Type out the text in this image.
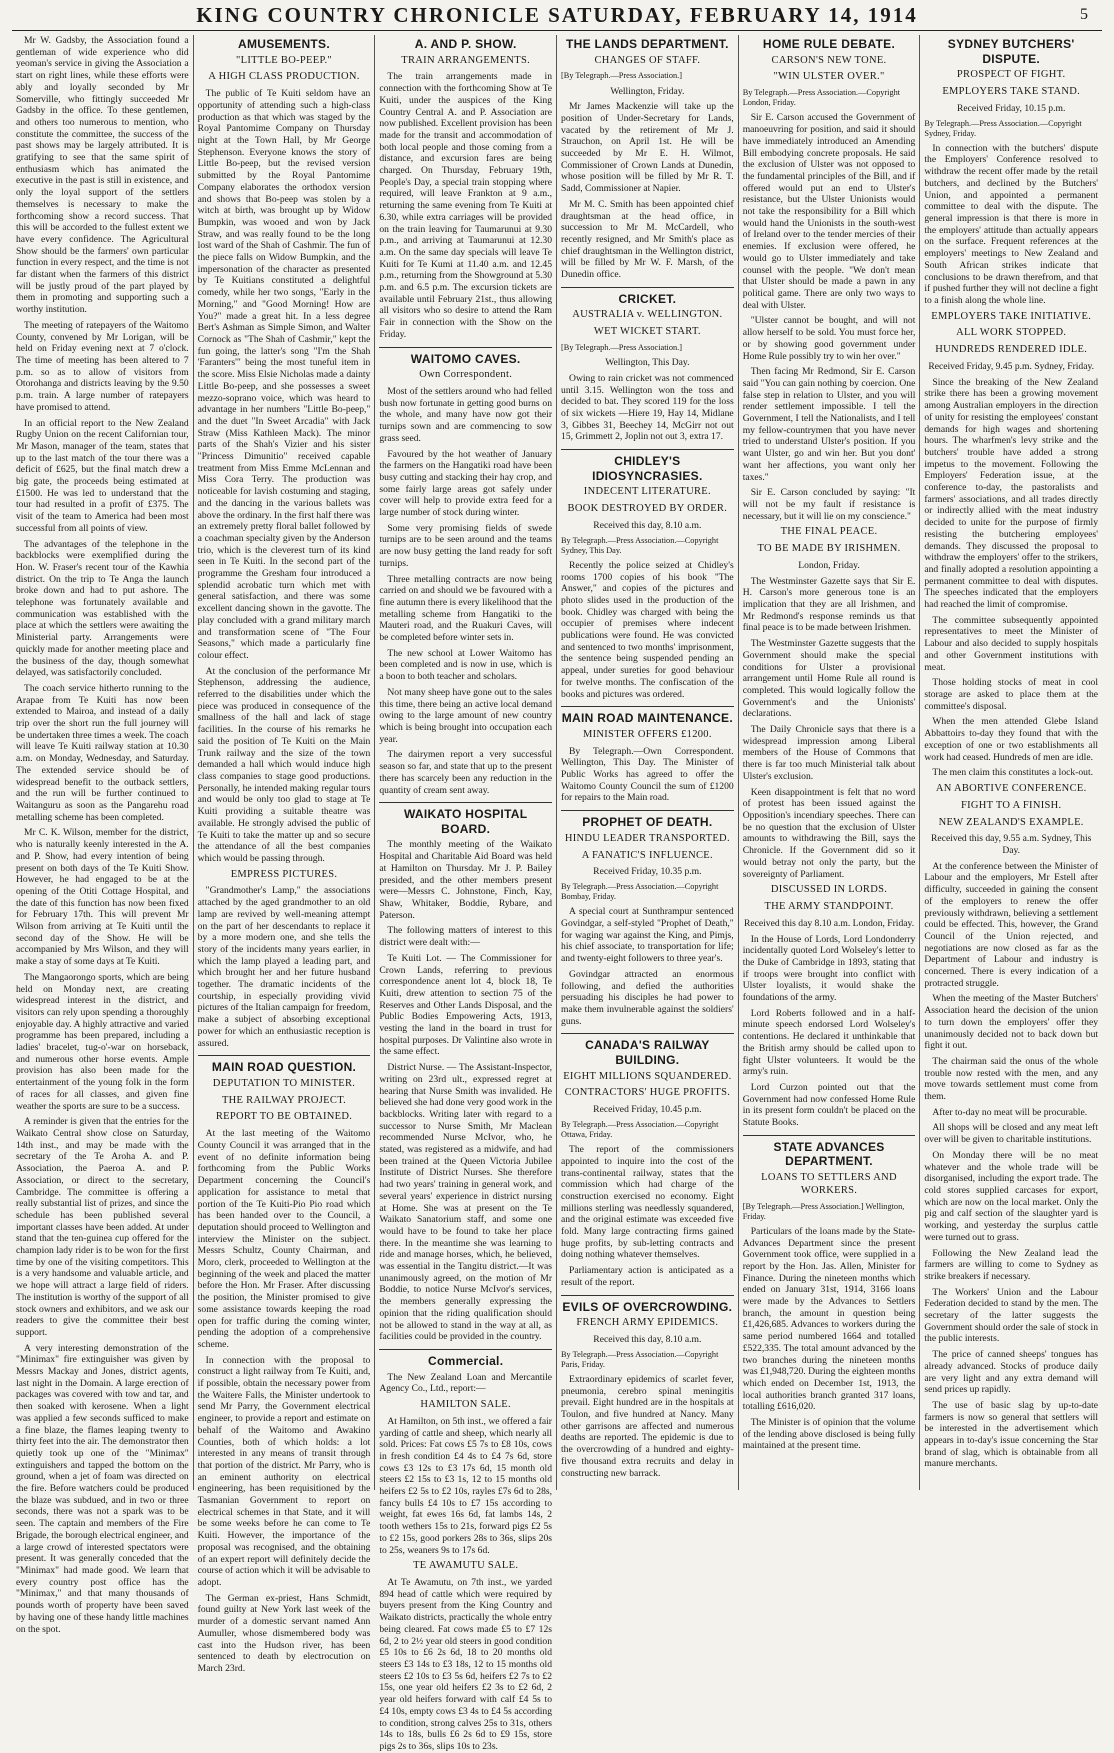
KING COUNTRY CHRONICLE SATURDAY, FEBRUARY 14, 1914	5

Mr W. Gadsby, the Association found a gentleman of wide experience who did yeoman's service in giving the Association a start on right lines, while these efforts were ably and loyally seconded by Mr Somerville, who fittingly succeeded Mr Gadsby in the office. To these gentlemen, and others too numerous to mention, who constitute the committee, the success of the past shows may be largely attributed. It is gratifying to see that the same spirit of enthusiasm which has animated the executive in the past is still in existence, and only the loyal support of the settlers themselves is necessary to make the forthcoming show a record success. That this will be accorded to the fullest extent we have every confidence. The Agricultural Show should be the farmers' own particular function in every respect, and the time is not far distant when the farmers of this district will be justly proud of the part played by them in promoting and supporting such a worthy institution.

The meeting of ratepayers of the Waitomo County, convened by Mr Lorigan, will be held on Friday evening next at 7 o'clock. The time of meeting has been altered to 7 p.m. so as to allow of visitors from Otorohanga and districts leaving by the 9.50 p.m. train. A large number of ratepayers have promised to attend.

In an official report to the New Zealand Rugby Union on the recent Californian tour, Mr Mason, manager of the team, states that up to the last match of the tour there was a deficit of £625, but the final match drew a big gate, the proceeds being estimated at £1500. He was led to understand that the tour had resulted in a profit of £375. The visit of the team to America had been most successful from all points of view.

The advantages of the telephone in the backblocks were exemplified during the Hon. W. Fraser's recent tour of the Kawhia district. On the trip to Te Anga the launch broke down and had to put ashore. The telephone was fortunately available and communication was established with the place at which the settlers were awaiting the Ministerial party. Arrangements were quickly made for another meeting place and the business of the day, though somewhat delayed, was satisfactorily concluded.

The coach service hitherto running to the Arapae from Te Kuiti has now been extended to Mairoa, and instead of a daily trip over the short run the full journey will be undertaken three times a week. The coach will leave Te Kuiti railway station at 10.30 a.m. on Monday, Wednesday, and Saturday. The extended service should be of widespread benefit to the outback settlers, and the run will be further continued to Waitanguru as soon as the Pangarehu road metalling scheme has been completed.

Mr C. K. Wilson, member for the district, who is naturally keenly interested in the A. and P. Show, had every intention of being present on both days of the Te Kuiti Show. However, he had engaged to be at the opening of the Otiti Cottage Hospital, and the date of this function has now been fixed for February 17th. This will prevent Mr Wilson from arriving at Te Kuiti until the second day of the Show. He will be accompanied by Mrs Wilson, and they will make a stay of some days at Te Kuiti.

The Mangaorongo sports, which are being held on Monday next, are creating widespread interest in the district, and visitors can rely upon spending a thoroughly enjoyable day. A highly attractive and varied programme has been prepared, including a ladies' bracelet, tug-o'-war on horseback, and numerous other horse events. Ample provision has also been made for the entertainment of the young folk in the form of races for all classes, and given fine weather the sports are sure to be a success.

A reminder is given that the entries for the Waikato Central show close on Saturday, 14th inst., and may be made with the secretary of the Te Aroha A. and P. Association, the Paeroa A. and P. Association, or direct to the secretary, Cambridge. The committee is offering a really substantial list of prizes, and since the schedule has been published several important classes have been added. At under stand that the ten-guinea cup offered for the champion lady rider is to be won for the first time by one of the visiting competitors. This is a very handsome and valuable article, and we hope will attract a large field of riders. The institution is worthy of the support of all stock owners and exhibitors, and we ask our readers to give the committee their best support.

A very interesting demonstration of the "Minimax" fire extinguisher was given by Messrs Mackay and Jones, district agents, last night in the Domain. A large erection of packages was covered with tow and tar, and then soaked with kerosene. When a light was applied a few seconds sufficed to make a fine blaze, the flames leaping twenty to thirty feet into the air. The demonstrator then quietly took up one of the "Minimax" extinguishers and tapped the bottom on the ground, when a jet of foam was directed on the fire. Before watchers could be produced the blaze was subdued, and in two or three seconds, there was not a spark was to be seen. The captain and members of the Fire Brigade, the borough electrical engineer, and a large crowd of interested spectators were present. It was generally conceded that the "Minimax" had made good. We learn that every country post office has the "Minimax," and that many thousands of pounds worth of property have been saved by having one of these handy little machines on the spot.

AMUSEMENTS.
"LITTLE BO-PEEP."
A HIGH CLASS PRODUCTION.

The public of Te Kuiti seldom have an opportunity of attending such a high-class production as that which was staged by the Royal Pantomime Company on Thursday night at the Town Hall, by Mr George Stephenson. Everyone knows the story of Little Bo-peep, but the revised version submitted by the Royal Pantomime Company elaborates the orthodox version and shows that Bo-peep was stolen by a witch at birth, was brought up by Widow Bumpkin, was wooed and won by Jack Straw, and was really found to be the long lost ward of the Shah of Cashmir. The fun of the piece falls on Widow Bumpkin, and the impersonation of the character as presented by Te Kuitians constituted a delightful comedy, while her two songs, "Early in the Morning," and "Good Morning! How are You?" made a great hit. In a less degree Bert's Ashman as Simple Simon, and Walter Cornock as "The Shah of Cashmir," kept the fun going, the latter's song "I'm the Shah 'Faranters'" being the most tuneful item in the score. Miss Elsie Nicholas made a dainty Little Bo-peep, and she possesses a sweet mezzo-soprano voice, which was heard to advantage in her numbers "Little Bo-peep," and the duet "In Sweet Arcadia" with Jack Straw (Miss Kathleen Mack). The minor parts of the Shah's Vizier and his sister "Princess Dimunitio" received capable treatment from Miss Emme McLennan and Miss Cora Terry. The production was noticeable for lavish costuming and staging, and the dancing in the various ballets was above the ordinary. In the first half there was an extremely pretty floral ballet followed by a coachman specialty given by the Anderson trio, which is the cleverest turn of its kind seen in Te Kuiti. In the second part of the programme the Gresham four introduced a splendid acrobatic turn which met with general satisfaction, and there was some excellent dancing shown in the gavotte. The play concluded with a grand military march and transformation scene of "The Four Seasons," which made a particularly fine colour effect.

At the conclusion of the performance Mr Stephenson, addressing the audience, referred to the disabilities under which the piece was produced in consequence of the smallness of the hall and lack of stage facilities. In the course of his remarks he said the position of Te Kuiti on the Main Trunk railway and the size of the town demanded a hall which would induce high class companies to stage good productions. Personally, he intended making regular tours and would be only too glad to stage at Te Kuiti providing a suitable theatre was available. He strongly advised the public of Te Kuiti to take the matter up and so secure the attendance of all the best companies which would be passing through.

EMPRESS PICTURES.

"Grandmother's Lamp," the associations attached by the aged grandmother to an old lamp are revived by well-meaning attempt on the part of her descendants to replace it by a more modern one, and she tells the story of the incidents many years earlier, in which the lamp played a leading part, and which brought her and her future husband together. The dramatic incidents of the courtship, in especially providing vivid pictures of the Italian campaign for freedom, make a subject of absorbing exceptional power for which an enthusiastic reception is assured.

MAIN ROAD QUESTION.
DEPUTATION TO MINISTER.
THE RAILWAY PROJECT.
REPORT TO BE OBTAINED.

At the last meeting of the Waitomo County Council it was arranged that in the event of no definite information being forthcoming from the Public Works Department concerning the Council's application for assistance to metal that portion of the Te Kuiti-Pio Pio road which has been handed over to the Council, a deputation should proceed to Wellington and interview the Minister on the subject. Messrs Schultz, County Chairman, and Moro, clerk, proceeded to Wellington at the beginning of the week and placed the matter before the Hon. Mr Fraser. After discussing the position, the Minister promised to give some assistance towards keeping the road open for traffic during the coming winter, pending the adoption of a comprehensive scheme.

In connection with the proposal to construct a light railway from Te Kuiti, and, if possible, obtain the necessary power from the Waitere Falls, the Minister undertook to send Mr Parry, the Government electrical engineer, to provide a report and estimate on behalf of the Waitomo and Awakino Counties, both of which holds: a lot interested in any means of transit through that portion of the district. Mr Parry, who is an eminent authority on electrical engineering, has been requisitioned by the Tasmanian Government to report on electrical schemes in that State, and it will be some weeks before he can come to Te Kuiti. However, the importance of the proposal was recognised, and the obtaining of an expert report will definitely decide the course of action which it will be advisable to adopt.

The German ex-priest, Hans Schmidt, found guilty at New York last week of the murder of a domestic servant named Ann Aumuller, whose dismembered body was cast into the Hudson river, has been sentenced to death by electrocution on March 23rd.

A. AND P. SHOW.
TRAIN ARRANGEMENTS.

The train arrangements made in connection with the forthcoming Show at Te Kuiti, under the auspices of the King Country Central A. and P. Association are now published. Excellent provision has been made for the transit and accommodation of both local people and those coming from a distance, and excursion fares are being charged. On Thursday, February 19th, People's Day, a special train stopping where required, will leave Frankton at 9 a.m., returning the same evening from Te Kuiti at 6.30, while extra carriages will be provided on the train leaving for Taumarunui at 9.30 p.m., and arriving at Taumarunui at 12.30 a.m. On the same day specials will leave Te Kuiti for Te Kumi at 11.40 a.m. and 12.45 p.m., returning from the Showground at 5.30 p.m. and 6.5 p.m. The excursion tickets are available until February 21st., thus allowing all visitors who so desire to attend the Ram Fair in connection with the Show on the Friday.

WAITOMO CAVES.
Own Correspondent.

Most of the settlers around who had felled bush now fortunate in getting good burns on the whole, and many have now got their turnips sown and are commencing to sow grass seed.

Favoured by the hot weather of January the farmers on the Hangatiki road have been busy cutting and stacking their hay crop, and some fairly large areas got safely under cover will help to provide extra feed for a large number of stock during winter.

Some very promising fields of swede turnips are to be seen around and the teams are now busy getting the land ready for soft turnips.

Three metalling contracts are now being carried on and should we be favoured with a fine autumn there is every likelihood that the metalling scheme from Hangatiki to the Mauteri road, and the Ruakuri Caves, will be completed before winter sets in.

The new school at Lower Waitomo has been completed and is now in use, which is a boon to both teacher and scholars.

Not many sheep have gone out to the sales this time, there being an active local demand owing to the large amount of new country which is being brought into occupation each year.

The dairymen report a very successful season so far, and state that up to the present there has scarcely been any reduction in the quantity of cream sent away.

WAIKATO HOSPITAL BOARD.

The monthly meeting of the Waikato Hospital and Charitable Aid Board was held at Hamilton on Thursday. Mr J. P. Bailey presided, and the other members present were—Messrs C. Johnstone, Finch, Kay, Shaw, Whitaker, Boddie, Rybare, and Paterson.

The following matters of interest to this district were dealt with:—

Te Kuiti Lot. — The Commissioner for Crown Lands, referring to previous correspondence anent lot 4, block 18, Te Kuiti, drew attention to section 75 of the Reserves and Other Lands Disposal, and the Public Bodies Empowering Acts, 1913, vesting the land in the board in trust for hospital purposes. Dr Valintine also wrote in the same effect.

District Nurse. — The Assistant-Inspector, writing on 23rd ult., expressed regret at hearing that Nurse Smith was invalided. He believed she had done very good work in the backblocks. Writing later with regard to a successor to Nurse Smith, Mr Maclean recommended Nurse McIvor, who, he stated, was registered as a midwife, and had been trained at the Queen Victoria Jubilee Institute of District Nurses. She therefore had two years' training in general work, and several years' experience in district nursing at Home. She was at present on the Te Waikato Sanatorium staff, and some one would have to be found to take her place there. In the meantime she was learning to ride and manage horses, which, he believed, was essential in the Tangitu district.—It was unanimously agreed, on the motion of Mr Boddie, to notice Nurse McIvor's services, the members generally expressing the opinion that the riding qualification should not be allowed to stand in the way at all, as facilities could be provided in the country.

Commercial.

The New Zealand Loan and Mercantile Agency Co., Ltd., report:—

HAMILTON SALE.

At Hamilton, on 5th inst., we offered a fair yarding of cattle and sheep, which nearly all sold. Prices: Fat cows £5 7s to £8 10s, cows in fresh condition £4 4s to £4 7s 6d, store cows £3 12s to £3 17s 6d, 15 month old steers £2 15s to £3 1s, 12 to 15 months old heifers £2 5s to £2 10s, rayles £7s 6d to 28s, fancy bulls £4 10s to £7 15s according to weight, fat ewes 16s 6d, fat lambs 14s, 2 tooth wethers 15s to 21s, forward pigs £2 5s to £2 15s, good porkers 28s to 36s, slips 20s to 25s, weaners 9s to 17s 6d.

TE AWAMUTU SALE.

At Te Awamutu, on 7th inst., we yarded 894 head of cattle which were required by buyers present from the King Country and Waikato districts, practically the whole entry being cleared. Fat cows made £5 to £7 12s 6d, 2 to 2½ year old steers in good condition £5 10s to £6 2s 6d, 18 to 20 months old steers £3 14s to £3 18s, 12 to 15 months old steers £2 10s to £3 5s 6d, heifers £2 7s to £2 15s, one year old heifers £2 3s to £2 6d, 2 year old heifers forward with calf £4 5s to £4 10s, empty cows £3 4s to £4 5s according to condition, strong calves 25s to 31s, others 14s to 18s, bulls £6 2s 6d to £9 15s, store pigs 2s to 36s, slips 10s to 23s.

THE LANDS DEPARTMENT.
CHANGES OF STAFF.

[By Telegraph.—Press Association.]

Wellington, Friday.

Mr James Mackenzie will take up the position of Under-Secretary for Lands, vacated by the retirement of Mr J. Strauchon, on April 1st. He will be succeeded by Mr E. H. Wilmot, Commissioner of Crown Lands at Dunedin, whose position will be filled by Mr R. T. Sadd, Commissioner at Napier.

Mr M. C. Smith has been appointed chief draughtsman at the head office, in succession to Mr M. McCardell, who recently resigned, and Mr Smith's place as chief draughtsman in the Wellington district, will be filled by Mr W. F. Marsh, of the Dunedin office.

CRICKET.
AUSTRALIA v. WELLINGTON.
WET WICKET START.

[By Telegraph.—Press Association.]

Wellington, This Day.

Owing to rain cricket was not commenced until 3.15. Wellington won the toss and decided to bat. They scored 119 for the loss of six wickets —Hiere 19, Hay 14, Midlane 3, Gibbes 31, Beechey 14, McGirr not out 15, Grimmett 2, Joplin not out 3, extra 17.

CHIDLEY'S IDIOSYNCRASIES.
INDECENT LITERATURE.
BOOK DESTROYED BY ORDER.

Received this day, 8.10 a.m.

By Telegraph.—Press Association.—Copyright Sydney, This Day.

Recently the police seized at Chidley's rooms 1700 copies of his book "The Answer," and copies of the pictures and photo slides used in the production of the book. Chidley was charged with being the occupier of premises where indecent publications were found. He was convicted and sentenced to two months' imprisonment, the sentence being suspended pending an appeal, under sureties for good behaviour for twelve months. The confiscation of the books and pictures was ordered.

MAIN ROAD MAINTENANCE.
MINISTER OFFERS £1200.

By Telegraph.—Own Correspondent. Wellington, This Day. The Minister of Public Works has agreed to offer the Waitomo County Council the sum of £1200 for repairs to the Main road.

PROPHET OF DEATH.
HINDU LEADER TRANSPORTED.
A FANATIC'S INFLUENCE.

Received Friday, 10.35 p.m.

By Telegraph.—Press Association.—Copyright Bombay, Friday.

A special court at Sunthrampur sentenced Govindgar, a self-styled "Prophet of Death," for waging war against the King, and Pimjs, his chief associate, to transportation for life; and twenty-eight followers to three year's.

Govindgar attracted an enormous following, and defied the authorities persuading his disciples he had power to make them invulnerable against the soldiers' guns.

CANADA'S RAILWAY BUILDING.
EIGHT MILLIONS SQUANDERED.
CONTRACTORS' HUGE PROFITS.

Received Friday, 10.45 p.m.

By Telegraph.—Press Association.—Copyright Ottawa, Friday.

The report of the commissioners appointed to inquire into the cost of the trans-continental railway, states that the commission which had charge of the construction exercised no economy. Eight millions sterling was needlessly squandered, and the original estimate was exceeded five fold. Many large contracting firms gained huge profits, by sub-letting contracts and doing nothing whatever themselves.

Parliamentary action is anticipated as a result of the report.

EVILS OF OVERCROWDING.
FRENCH ARMY EPIDEMICS.

Received this day, 8.10 a.m.

By Telegraph.—Press Association.—Copyright Paris, Friday.

Extraordinary epidemics of scarlet fever, pneumonia, cerebro spinal meningitis prevail. Eight hundred are in the hospitals at Toulon, and five hundred at Nancy. Many other garrisons are affected and numerous deaths are reported. The epidemic is due to the overcrowding of a hundred and eighty-five thousand extra recruits and delay in constructing new barrack.

HOME RULE DEBATE.
CARSON'S NEW TONE.
"WIN ULSTER OVER."

By Telegraph.—Press Association.—Copyright London, Friday.

Sir E. Carson accused the Government of manoeuvring for position, and said it should have immediately introduced an Amending Bill embodying concrete proposals. He said the exclusion of Ulster was not opposed to the fundamental principles of the Bill, and if offered would put an end to Ulster's resistance, but the Ulster Unionists would not take the responsibility for a Bill which would hand the Unionists in the south-west of Ireland over to the tender mercies of their enemies. If exclusion were offered, he would go to Ulster immediately and take counsel with the people. "We don't mean that Ulster should be made a pawn in any political game. There are only two ways to deal with Ulster.

"Ulster cannot be bought, and will not allow herself to be sold. You must force her, or by showing good government under Home Rule possibly try to win her over."

Then facing Mr Redmond, Sir E. Carson said "You can gain nothing by coercion. One false step in relation to Ulster, and you will render settlement impossible. I tell the Government, I tell the Nationalists, and I tell my fellow-countrymen that you have never tried to understand Ulster's position. If you want Ulster, go and win her. But you dont' want her affections, you want only her taxes."

Sir E. Carson concluded by saying: "It will not be my fault if resistance is necessary, but it will lie on my conscience."

THE FINAL PEACE.
TO BE MADE BY IRISHMEN.

London, Friday.

The Westminster Gazette says that Sir E. H. Carson's more generous tone is an implication that they are all Irishmen, and Mr Redmond's response reminds us that final peace is to be made between Irishmen.

The Westminster Gazette suggests that the Government should make the special conditions for Ulster a provisional arrangement until Home Rule all round is completed. This would logically follow the Government's and the Unionists' declarations.

The Daily Chronicle says that there is a widespread impression among Liberal members of the House of Commons that there is far too much Ministerial talk about Ulster's exclusion.

Keen disappointment is felt that no word of protest has been issued against the Opposition's incendiary speeches. There can be no question that the exclusion of Ulster amounts to withdrawing the Bill, says the Chronicle. If the Government did so it would betray not only the party, but the sovereignty of Parliament.

DISCUSSED IN LORDS.
THE ARMY STANDPOINT.

Received this day 8.10 a.m. London, Friday.

In the House of Lords, Lord Londonderry incidentally quoted Lord Wolseley's letter to the Duke of Cambridge in 1893, stating that if troops were brought into conflict with Ulster loyalists, it would shake the foundations of the army.

Lord Roberts followed and in a half-minute speech endorsed Lord Wolseley's contentions. He declared it unthinkable that the British army should be called upon to fight Ulster volunteers. It would be the army's ruin.

Lord Curzon pointed out that the Government had now confessed Home Rule in its present form couldn't be placed on the Statute Books.

STATE ADVANCES DEPARTMENT.
LOANS TO SETTLERS AND WORKERS.

[By Telegraph.—Press Association.] Wellington, Friday.

Particulars of the loans made by the State-Advances Department since the present Government took office, were supplied in a report by the Hon. Jas. Allen, Minister for Finance. During the nineteen months which ended on January 31st, 1914, 3166 loans were made by the Advances to Settlers branch, the amount in question being £1,426,685. Advances to workers during the same period numbered 1664 and totalled £522,335. The total amount advanced by the two branches during the nineteen months was £1,948,720. During the eighteen months which ended on December 1st, 1913, the local authorities branch granted 317 loans, totalling £616,020.

The Minister is of opinion that the volume of the lending above disclosed is being fully maintained at the present time.

SYDNEY BUTCHERS' DISPUTE.
PROSPECT OF FIGHT.
EMPLOYERS TAKE STAND.

Received Friday, 10.15 p.m.

By Telegraph.—Press Association.—Copyright Sydney, Friday.

In connection with the butchers' dispute the Employers' Conference resolved to withdraw the recent offer made by the retail butchers, and declined by the Butchers' Union, and appointed a permanent committee to deal with the dispute. The general impression is that there is more in the employers' attitude than actually appears on the surface. Frequent references at the employers' meetings to New Zealand and South African strikes indicate that conclusions to be drawn therefrom, and that if pushed further they will not decline a fight to a finish along the whole line.

EMPLOYERS TAKE INITIATIVE.
ALL WORK STOPPED.
HUNDREDS RENDERED IDLE.

Received Friday, 9.45 p.m. Sydney, Friday.

Since the breaking of the New Zealand strike there has been a growing movement among Australian employers in the direction of unity for resisting the employees' constant demands for high wages and shortening hours. The wharfmen's levy strike and the butchers' trouble have added a strong impetus to the movement. Following the Employers' Federation issue, at the conference to-day, the pastoralists and farmers' associations, and all trades directly or indirectly allied with the meat industry decided to unite for the purpose of firmly resisting the butchering employees' demands. They discussed the proposal to withdraw the employers' offer to the strikers, and finally adopted a resolution appointing a permanent committee to deal with disputes. The speeches indicated that the employers had reached the limit of compromise.

The committee subsequently appointed representatives to meet the Minister of Labour and also decided to supply hospitals and other Government institutions with meat.

Those holding stocks of meat in cool storage are asked to place them at the committee's disposal.

When the men attended Glebe Island Abbattoirs to-day they found that with the exception of one or two establishments all work had ceased. Hundreds of men are idle.

The men claim this constitutes a lock-out.

AN ABORTIVE CONFERENCE.
FIGHT TO A FINISH.
NEW ZEALAND'S EXAMPLE.

Received this day, 9.55 a.m. Sydney, This Day.

At the conference between the Minister of Labour and the employers, Mr Estell after difficulty, succeeded in gaining the consent of the employers to renew the offer previously withdrawn, believing a settlement could be effected. This, however, the Grand Council of the Union rejected, and negotiations are now closed as far as the Department of Labour and industry is concerned. There is every indication of a protracted struggle.

When the meeting of the Master Butchers' Association heard the decision of the union to turn down the employers' offer they unanimously decided not to back down but fight it out.

The chairman said the onus of the whole trouble now rested with the men, and any move towards settlement must come from them.

After to-day no meat will be procurable.

All shops will be closed and any meat left over will be given to charitable institutions.

On Monday there will be no meat whatever and the whole trade will be disorganised, including the export trade. The cold stores supplied carcases for export, which are now on the local market. Only the pig and calf section of the slaughter yard is working, and yesterday the surplus cattle were turned out to grass.

Following the New Zealand lead the farmers are willing to come to Sydney as strike breakers if necessary.

The Workers' Union and the Labour Federation decided to stand by the men. The secretary of the latter suggests the Government should order the sale of stock in the public interests.

The price of canned sheeps' tongues has already advanced. Stocks of produce daily are very light and any extra demand will send prices up rapidly.

The use of basic slag by up-to-date farmers is now so general that settlers will be interested in the advertisement which appears in to-day's issue concerning the Star brand of slag, which is obtainable from all manure merchants.
